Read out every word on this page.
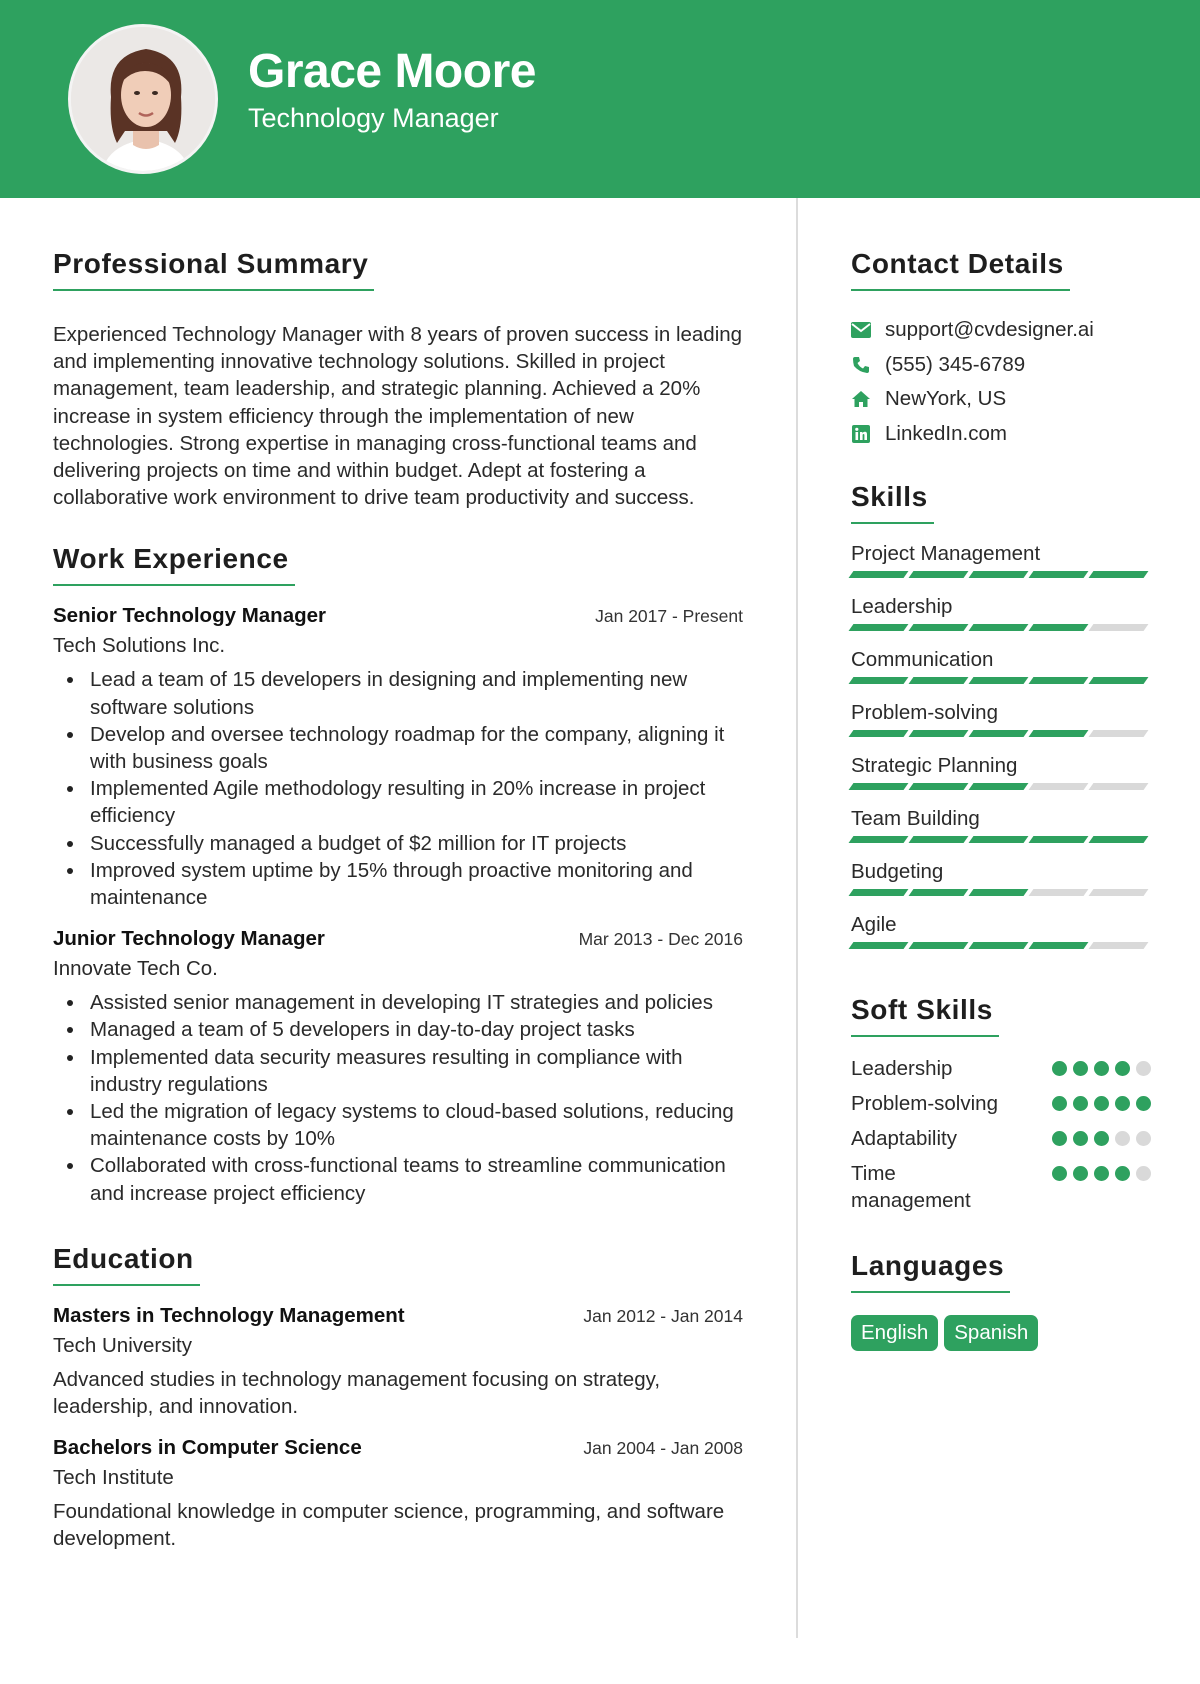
Grace Moore
Technology Manager
Professional Summary

Experienced Technology Manager with 8 years of proven success in leading and implementing innovative technology solutions. Skilled in project management, team leadership, and strategic planning. Achieved a 20% increase in system efficiency through the implementation of new technologies. Strong expertise in managing cross-functional teams and delivering projects on time and within budget. Adept at fostering a collaborative work environment to drive team productivity and success.

Work Experience
Senior Technology Manager	Jan 2017 - Present
Tech Solutions Inc.
Lead a team of 15 developers in designing and implementing new software solutions
Develop and oversee technology roadmap for the company, aligning it with business goals
Implemented Agile methodology resulting in 20% increase in project efficiency
Successfully managed a budget of $2 million for IT projects
Improved system uptime by 15% through proactive monitoring and maintenance
Junior Technology Manager	Mar 2013 - Dec 2016
Innovate Tech Co.
Assisted senior management in developing IT strategies and policies
Managed a team of 5 developers in day-to-day project tasks
Implemented data security measures resulting in compliance with industry regulations
Led the migration of legacy systems to cloud-based solutions, reducing maintenance costs by 10%
Collaborated with cross-functional teams to streamline communication and increase project efficiency
Education
Masters in Technology Management	Jan 2012 - Jan 2014
Tech University

Advanced studies in technology management focusing on strategy, leadership, and innovation.

Bachelors in Computer Science	Jan 2004 - Jan 2008
Tech Institute

Foundational knowledge in computer science, programming, and software development.

Contact Details
support@cvdesigner.ai
(555) 345-6789
NewYork, US
LinkedIn.com
Skills
Project Management
Leadership
Communication
Problem-solving
Strategic Planning
Team Building
Budgeting
Agile
Soft Skills
Leadership
Problem-solving
Adaptability
Time management
Languages
English	Spanish
